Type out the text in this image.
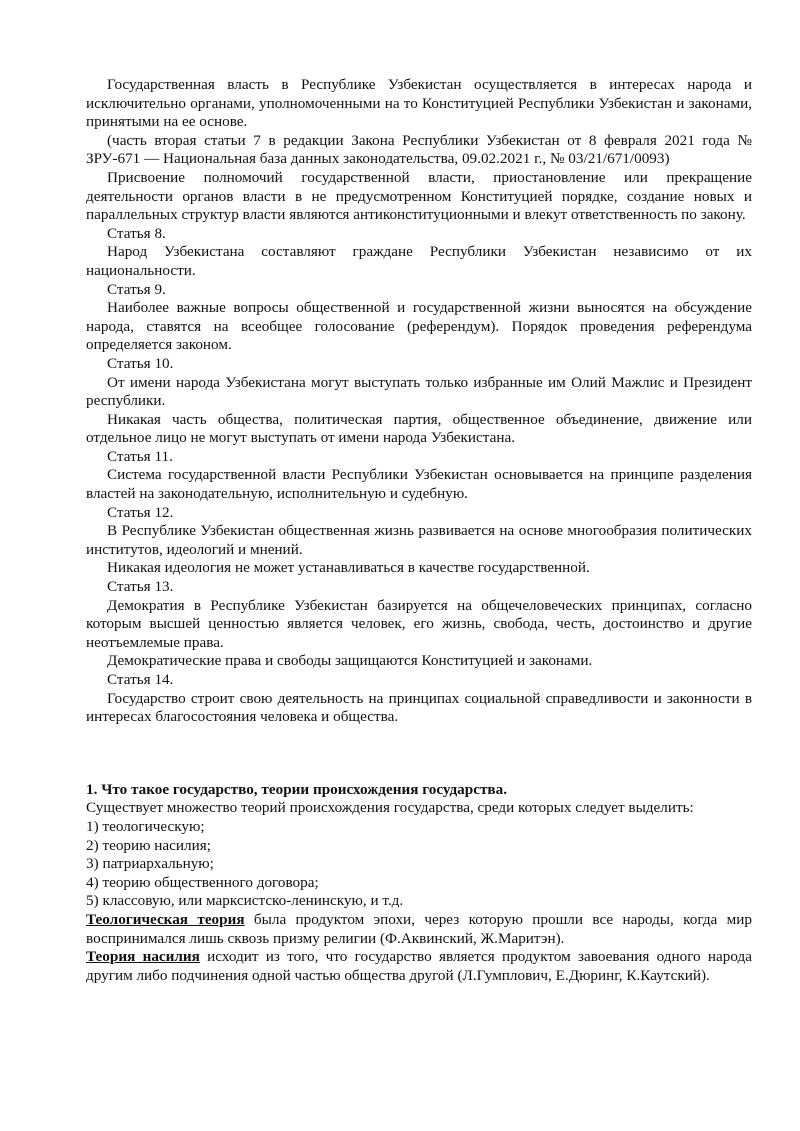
Государственная власть в Республике Узбекистан осуществляется в интересах народа и исключительно органами, уполномоченными на то Конституцией Республики Узбекистан и законами, принятыми на ее основе.

(часть вторая статьи 7 в редакции Закона Республики Узбекистан от 8 февраля 2021 года № ЗРУ-671 — Национальная база данных законодательства, 09.02.2021 г., № 03/21/671/0093)

Присвоение полномочий государственной власти, приостановление или прекращение деятельности органов власти в не предусмотренном Конституцией порядке, создание новых и параллельных структур власти являются антиконституционными и влекут ответственность по закону.

Статья 8.

Народ Узбекистана составляют граждане Республики Узбекистан независимо от их национальности.

Статья 9.

Наиболее важные вопросы общественной и государственной жизни выносятся на обсуждение народа, ставятся на всеобщее голосование (референдум). Порядок проведения референдума определяется законом.

Статья 10.

От имени народа Узбекистана могут выступать только избранные им Олий Мажлис и Президент республики.

Никакая часть общества, политическая партия, общественное объединение, движение или отдельное лицо не могут выступать от имени народа Узбекистана.

Статья 11.

Система государственной власти Республики Узбекистан основывается на принципе разделения властей на законодательную, исполнительную и судебную.

Статья 12.

В Республике Узбекистан общественная жизнь развивается на основе многообразия политических институтов, идеологий и мнений.

Никакая идеология не может устанавливаться в качестве государственной.

Статья 13.

Демократия в Республике Узбекистан базируется на общечеловеческих принципах, согласно которым высшей ценностью является человек, его жизнь, свобода, честь, достоинство и другие неотъемлемые права.

Демократические права и свободы защищаются Конституцией и законами.

Статья 14.

Государство строит свою деятельность на принципах социальной справедливости и законности в интересах благосостояния человека и общества.

1. Что такое государство, теории происхождения государства.

Существует множество теорий происхождения государства, среди которых следует выделить:

1) теологическую;

2) теорию насилия;

3) патриархальную;

4) теорию общественного договора;

5) классовую, или марксистско-ленинскую, и т.д.

Теологическая теория была продуктом эпохи, через которую прошли все народы, когда мир воспринимался лишь сквозь призму религии (Ф.Аквинский, Ж.Маритэн).

Теория насилия исходит из того, что государство является продуктом завоевания одного народа другим либо подчинения одной частью общества другой (Л.Гумплович, Е.Дюринг, К.Каутский).
